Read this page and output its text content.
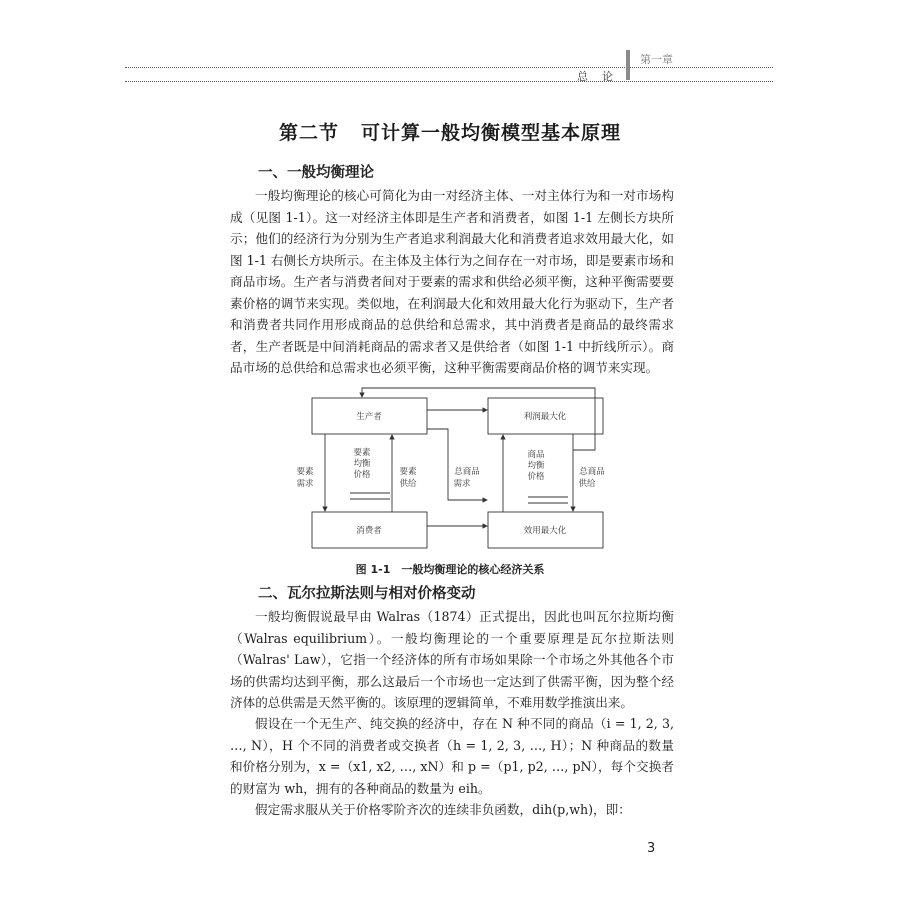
第一章
总论
第二节 可计算一般均衡模型基本原理
一、一般均衡理论
一般均衡理论的核心可简化为由一对经济主体、一对主体行为和一对市场构成（见图 1-1）。这一对经济主体即是生产者和消费者，如图 1-1 左侧长方块所示；他们的经济行为分别为生产者追求利润最大化和消费者追求效用最大化，如图 1-1 右侧长方块所示。在主体及主体行为之间存在一对市场，即是要素市场和商品市场。生产者与消费者间对于要素的需求和供给必须平衡，这种平衡需要要素价格的调节来实现。类似地，在利润最大化和效用最大化行为驱动下，生产者和消费者共同作用形成商品的总供给和总需求，其中消费者是商品的最终需求者，生产者既是中间消耗商品的需求者又是供给者（如图 1-1 中折线所示）。商品市场的总供给和总需求也必须平衡，这种平衡需要商品价格的调节来实现。
生产者	利润最大化
消费者	效用最大化
要素
需求
要素
均衡
价格	要素
供给
总商品
需求
商品
均衡
价格	总商品
供给
图 1-1　一般均衡理论的核心经济关系
二、瓦尔拉斯法则与相对价格变动
一般均衡假说最早由 Walras（1874）正式提出，因此也叫瓦尔拉斯均衡（Walras equilibrium）。一般均衡理论的一个重要原理是瓦尔拉斯法则（Walras' Law），它指一个经济体的所有市场如果除一个市场之外其他各个市场的供需均达到平衡，那么这最后一个市场也一定达到了供需平衡，因为整个经济体的总供需是天然平衡的。该原理的逻辑简单，不难用数学推演出来。
假设在一个无生产、纯交换的经济中，存在 N 种不同的商品（i = 1, 2, 3, …, N），H 个不同的消费者或交换者（h = 1, 2, 3, …, H）；N 种商品的数量和价格分别为，x =（x1, x2, …, xN）和 p =（p1, p2, …, pN），每个交换者的财富为 wh，拥有的各种商品的数量为 eih。
假定需求服从关于价格零阶齐次的连续非负函数，dih(p,wh)，即：
3
